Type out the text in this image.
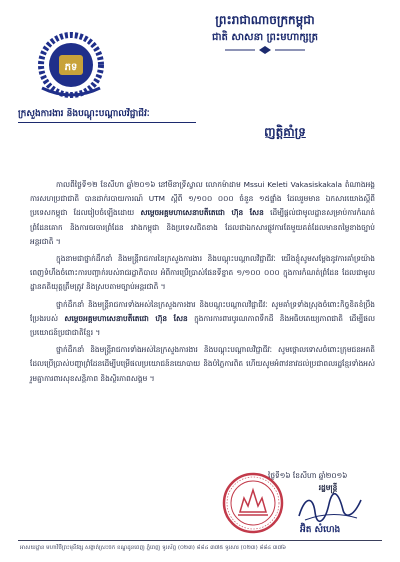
ព្រះរាជាណាចក្រកម្ពុជា
ជាតិ សាសនា ព្រះមហាក្សត្រ
ភទ
ក្រសួងការងារ និងបណ្តុះបណ្តាលវិជ្ជាជីវៈ
ញត្តិគាំទ្រ

កាលពីថ្ងៃទី១២ ខែសីហា ឆ្នាំ២០១៦ នៅមីនាទ្រីស្វាល លោកម៉ាដាម Mssui Keleti Vakasiskakala តំណាងអង្គការសហប្រជាជាតិ បានដាក់របាយការណ៍ UTM ស្តីពី ១/១០០ ០០០ ចំនួន ១៥ផ្ទាំង ដែលរួមមាន ឯកសារយោងស្តីពីប្រទេសកម្ពុជា ដែលរៀបចំឡើងដោយ សម្តេចអគ្គមហាសេនាបតីតេជោ ហ៊ុន សែន ដើម្បីផ្តល់ជាមូលដ្ឋានសម្រាប់ការកំណត់ព្រំដែនគោក និងការចរចារព្រំដែន រវាងកម្ពុជា និងប្រទេសជិតខាង ដែលជាឯកសារផ្លូវការតែមួយគត់ដែលមានតម្លៃខាងច្បាប់អន្តរជាតិ ។

ក្នុងនាមជាថ្នាក់ដឹកនាំ និងមន្ត្រីរាជការនៃក្រសួងការងារ និងបណ្តុះបណ្តាលវិជ្ជាជីវៈ យើងខ្ញុំសូមសម្តែងនូវការគាំទ្រយ៉ាងពេញទំហឹងចំពោះការបញ្ជាក់របស់រាជរដ្ឋាភិបាល អំពីការប្រើប្រាស់ផែនទីខ្នាត ១/១០០ ០០០ ក្នុងការកំណត់ព្រំដែន ដែលជាមូលដ្ឋានគតិយុត្តត្រឹមត្រូវ និងស្របតាមច្បាប់អន្តរជាតិ ។

ថ្នាក់ដឹកនាំ និងមន្ត្រីរាជការទាំងអស់នៃក្រសួងការងារ និងបណ្តុះបណ្តាលវិជ្ជាជីវៈ សូមគាំទ្រទាំងស្រុងចំពោះកិច្ចខិតខំប្រឹងប្រែងរបស់ សម្តេចអគ្គមហាសេនាបតីតេជោ ហ៊ុន សែន ក្នុងការការពារបូរណភាពទឹកដី និងអធិបតេយ្យភាពជាតិ ដើម្បីផលប្រយោជន៍ប្រជាជាតិខ្មែរ ។

ថ្នាក់ដឹកនាំ និងមន្ត្រីរាជការទាំងអស់នៃក្រសួងការងារ និងបណ្តុះបណ្តាលវិជ្ជាជីវៈ សូមថ្កោលទោសចំពោះក្រុមជនអគតិ ដែលប្រើប្រាស់បញ្ហាព្រំដែនដើម្បីបម្រើផលប្រយោជន៍នយោបាយ និងបំភ្លៃការពិត ហើយសូមអំពាវនាវដល់ប្រជាពលរដ្ឋខ្មែរទាំងអស់ រួមគ្នាការពារសុខសន្តិភាព និងស្ថិរភាពសង្គម ។

ថ្ងៃទី១៦ ខែសីហា ឆ្នាំ២០១៦
រដ្ឋមន្ត្រី
អ៊ិត សំហេង
អាសយដ្ឋាន មហាវិថីព្រះមុនីវង្ស សង្កាត់ស្រះចក ខណ្ឌដូនពេញ ភ្នំពេញ ទូរស័ព្ទ (០២៣) ៨៨៤ ៣៧៥ ទូរសារ (០២៣) ៨៨៤ ៣៧៦
